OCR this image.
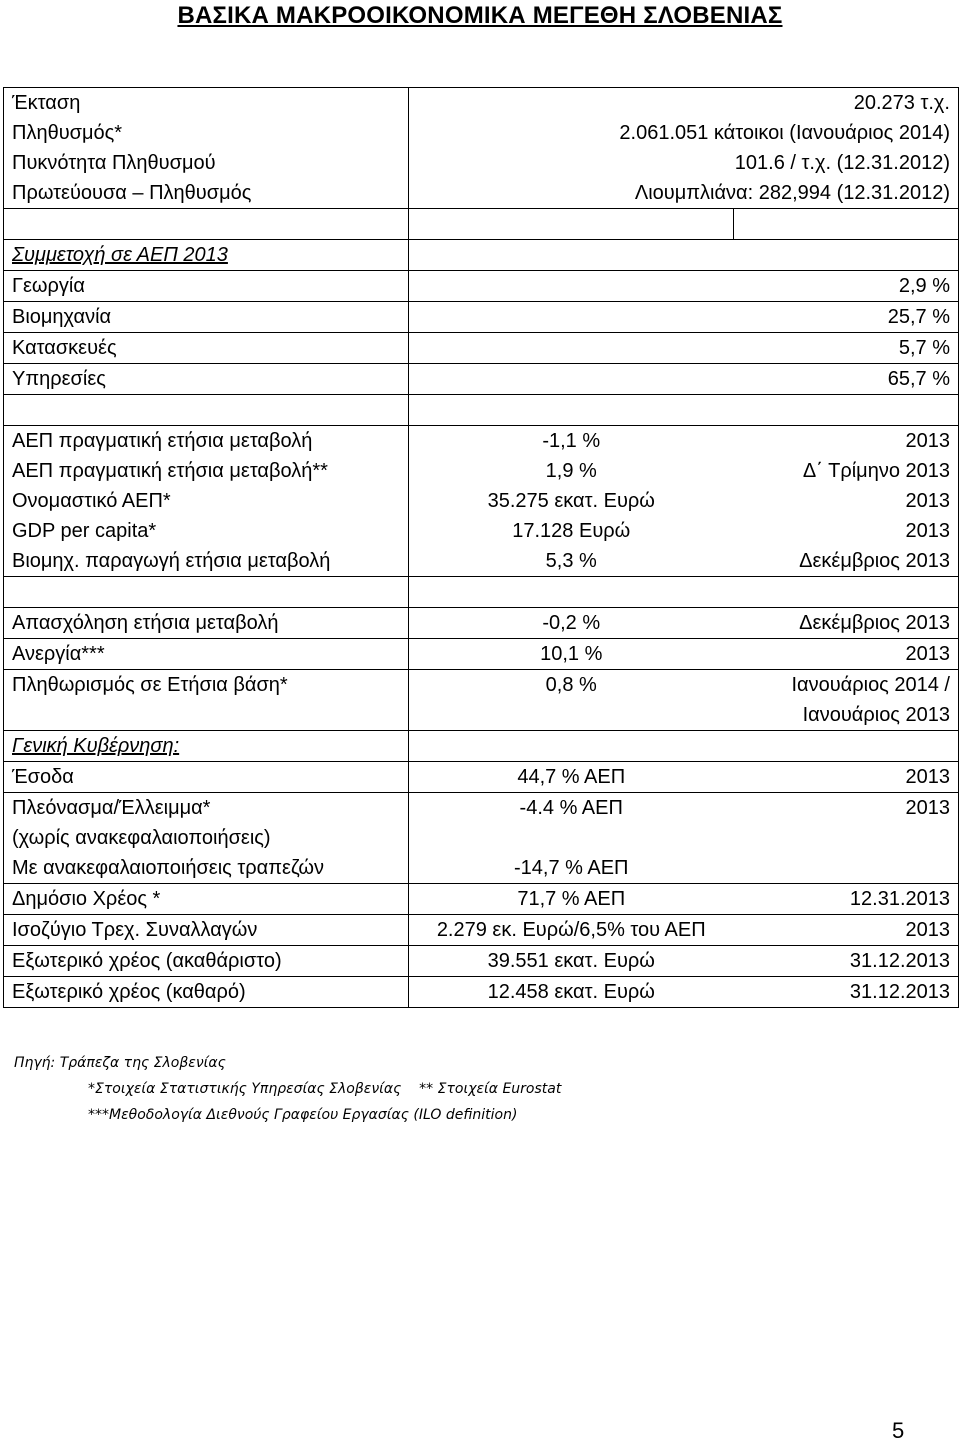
ΒΑΣΙΚΑ ΜΑΚΡΟΟΙΚΟΝΟΜΙΚΑ ΜΕΓΕΘΗ ΣΛΟΒΕΝΙΑΣ
Έκταση	20.273 τ.χ.	
Πληθυσμός*	2.061.051 κάτοικοι (Ιανουάριος 2014)	
Πυκνότητα Πληθυσμού	101.6 / τ.χ. (12.31.2012)	
Πρωτεύουσα – Πληθυσμός	Λιουμπλιάνα: 282,994 (12.31.2012)	

Συμμετοχή σε ΑΕΠ 2013		
Γεωργία	2,9 %	
Βιομηχανία	25,7 %	
Κατασκευές	5,7 %	
Υπηρεσίες	65,7 %	

ΑΕΠ πραγματική ετήσια μεταβολή	-1,1 %	2013
ΑΕΠ πραγματική ετήσια μεταβολή**	1,9 %	Δ΄ Τρίμηνο 2013
Ονομαστικό ΑΕΠ*	35.275 εκατ. Ευρώ	2013
GDP per capita*	17.128 Ευρώ	2013
Βιομηχ. παραγωγή ετήσια μεταβολή	5,3 %	Δεκέμβριος 2013

Απασχόληση ετήσια μεταβολή	-0,2 %	Δεκέμβριος 2013
Ανεργία***	10,1 %	2013
Πληθωρισμός σε Ετήσια βάση*	0,8 %	Ιανουάριος 2014 /
		Ιανουάριος 2013
Γενική Κυβέρνηση:		
Έσοδα	44,7 % ΑΕΠ	2013
Πλεόνασμα/Έλλειμμα*	-4.4 % ΑΕΠ	2013
(χωρίς ανακεφαλαιοποιήσεις)		
Με ανακεφαλαιοποιήσεις τραπεζών	-14,7 % ΑΕΠ	
Δημόσιο Χρέος *	71,7 % ΑΕΠ	12.31.2013
Ισοζύγιο Τρεχ. Συναλλαγών	2.279 εκ. Ευρώ/6,5% του ΑΕΠ	2013
Εξωτερικό χρέος (ακαθάριστο)	39.551 εκατ. Ευρώ	31.12.2013
Εξωτερικό χρέος (καθαρό)	12.458 εκατ. Ευρώ	31.12.2013
Πηγή: Τράπεζα της Σλοβενίας
*Στοιχεία Στατιστικής Υπηρεσίας Σλοβενίας    ** Στοιχεία Eurostat
***Μεθοδολογία Διεθνούς Γραφείου Εργασίας (ILO definition)
5
